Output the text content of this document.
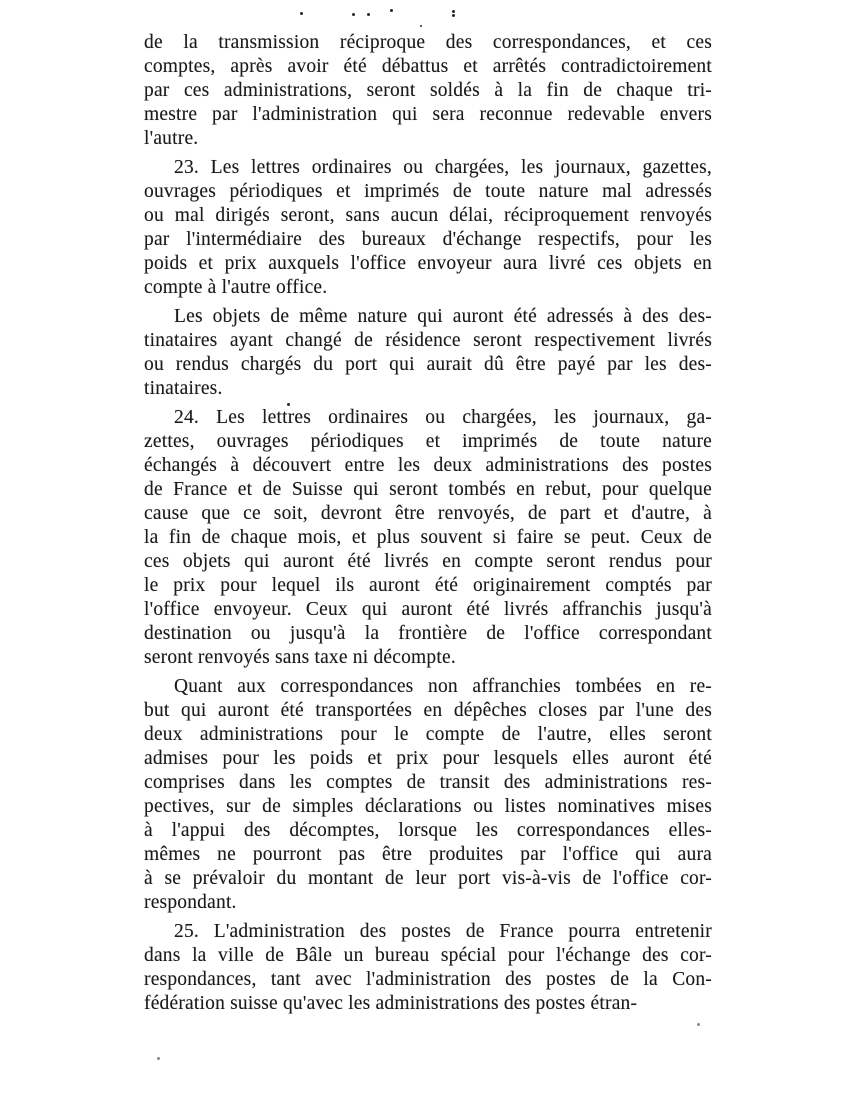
de la transmission réciproque des correspondances, et ces
comptes, après avoir été débattus et arrêtés contradictoirement
par ces administrations, seront soldés à la fin de chaque tri-
mestre par l'administration qui sera reconnue redevable envers
l'autre.
23. Les lettres ordinaires ou chargées, les journaux, gazettes,
ouvrages périodiques et imprimés de toute nature mal adressés
ou mal dirigés seront, sans aucun délai, réciproquement renvoyés
par l'intermédiaire des bureaux d'échange respectifs, pour les
poids et prix auxquels l'office envoyeur aura livré ces objets en
compte à l'autre office.
Les objets de même nature qui auront été adressés à des des-
tinataires ayant changé de résidence seront respectivement livrés
ou rendus chargés du port qui aurait dû être payé par les des-
tinataires.
24. Les lettres ordinaires ou chargées, les journaux, ga-
zettes, ouvrages périodiques et imprimés de toute nature
échangés à découvert entre les deux administrations des postes
de France et de Suisse qui seront tombés en rebut, pour quelque
cause que ce soit, devront être renvoyés, de part et d'autre, à
la fin de chaque mois, et plus souvent si faire se peut. Ceux de
ces objets qui auront été livrés en compte seront rendus pour
le prix pour lequel ils auront été originairement comptés par
l'office envoyeur. Ceux qui auront été livrés affranchis jusqu'à
destination ou jusqu'à la frontière de l'office correspondant
seront renvoyés sans taxe ni décompte.
Quant aux correspondances non affranchies tombées en re-
but qui auront été transportées en dépêches closes par l'une des
deux administrations pour le compte de l'autre, elles seront
admises pour les poids et prix pour lesquels elles auront été
comprises dans les comptes de transit des administrations res-
pectives, sur de simples déclarations ou listes nominatives mises
à l'appui des décomptes, lorsque les correspondances elles-
mêmes ne pourront pas être produites par l'office qui aura
à se prévaloir du montant de leur port vis-à-vis de l'office cor-
respondant.
25. L'administration des postes de France pourra entretenir
dans la ville de Bâle un bureau spécial pour l'échange des cor-
respondances, tant avec l'administration des postes de la Con-
fédération suisse qu'avec les administrations des postes étran-
